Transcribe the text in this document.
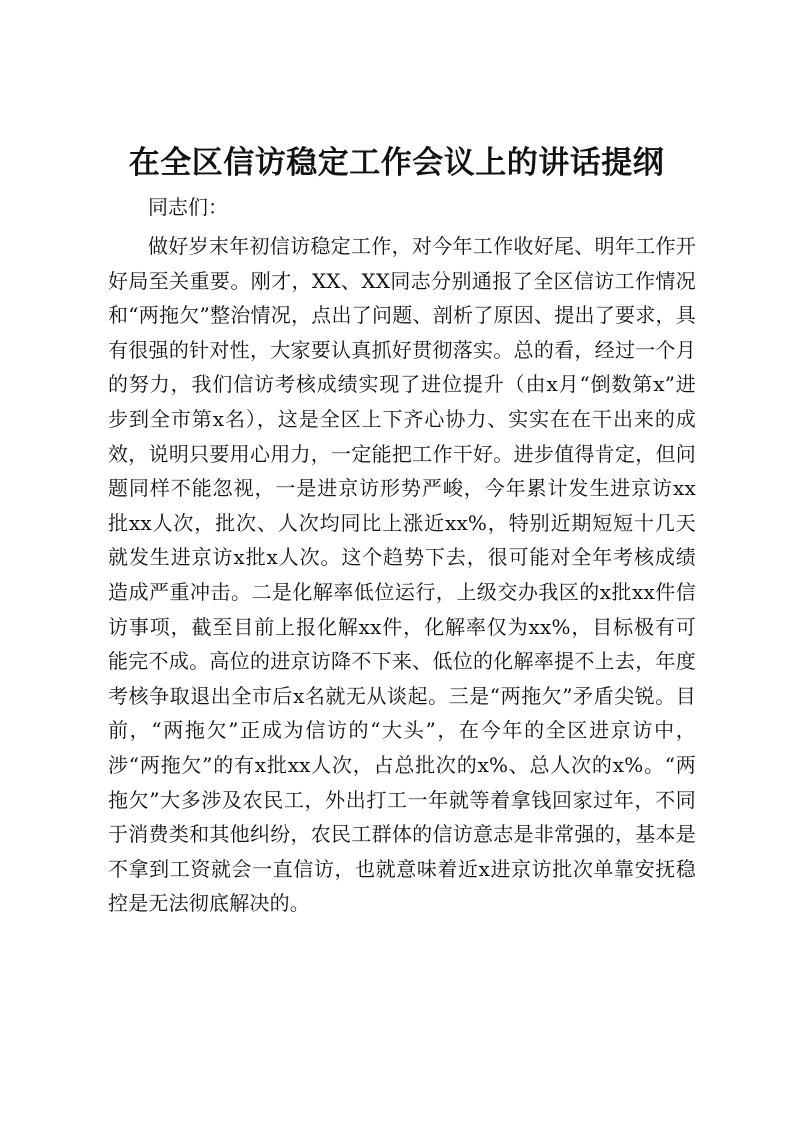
在全区信访稳定工作会议上的讲话提纲

同志们：

做好岁末年初信访稳定工作，对今年工作收好尾、明年工作开好局至关重要。刚才，XX、XX同志分别通报了全区信访工作情况和“两拖欠”整治情况，点出了问题、剖析了原因、提出了要求，具有很强的针对性，大家要认真抓好贯彻落实。总的看，经过一个月的努力，我们信访考核成绩实现了进位提升（由x月“倒数第x”进步到全市第x名），这是全区上下齐心协力、实实在在干出来的成效，说明只要用心用力，一定能把工作干好。进步值得肯定，但问题同样不能忽视，一是进京访形势严峻，今年累计发生进京访xx批xx人次，批次、人次均同比上涨近xx%，特别近期短短十几天就发生进京访x批x人次。这个趋势下去，很可能对全年考核成绩造成严重冲击。二是化解率低位运行，上级交办我区的x批xx件信访事项，截至目前上报化解xx件，化解率仅为xx%，目标极有可能完不成。高位的进京访降不下来、低位的化解率提不上去，年度考核争取退出全市后x名就无从谈起。三是“两拖欠”矛盾尖锐。目前，“两拖欠”正成为信访的“大头”，在今年的全区进京访中，涉“两拖欠”的有x批xx人次，占总批次的x%、总人次的x%。“两拖欠”大多涉及农民工，外出打工一年就等着拿钱回家过年，不同于消费类和其他纠纷，农民工群体的信访意志是非常强的，基本是不拿到工资就会一直信访，也就意味着近x进京访批次单靠安抚稳控是无法彻底解决的。
